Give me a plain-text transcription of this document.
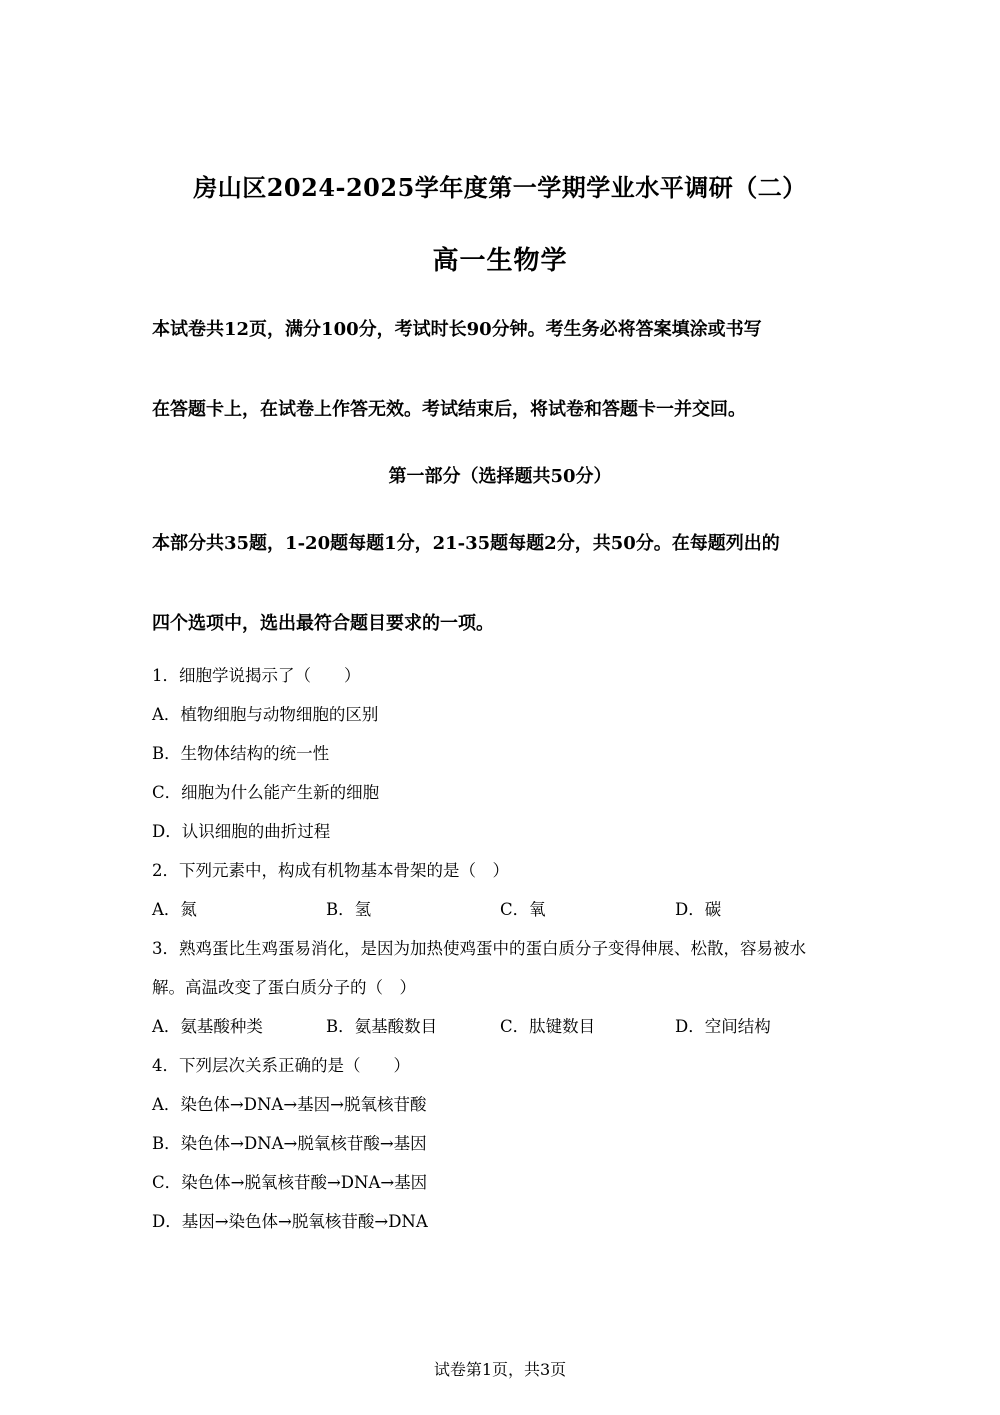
房山区2024-2025学年度第一学期学业水平调研（二）
高一生物学
本试卷共12页，满分100分，考试时长90分钟。考生务必将答案填涂或书写
在答题卡上，在试卷上作答无效。考试结束后，将试卷和答题卡一并交回。
第一部分（选择题共50分）
本部分共35题，1-20题每题1分，21-35题每题2分，共50分。在每题列出的
四个选项中，选出最符合题目要求的一项。
1．细胞学说揭示了（　　）
A．植物细胞与动物细胞的区别
B．生物体结构的统一性
C．细胞为什么能产生新的细胞
D．认识细胞的曲折过程
2．下列元素中，构成有机物基本骨架的是（　）
A．氮	B．氢	C．氧	D．碳
3．熟鸡蛋比生鸡蛋易消化，是因为加热使鸡蛋中的蛋白质分子变得伸展、松散，容易被水
解。高温改变了蛋白质分子的（　）
A．氨基酸种类	B．氨基酸数目	C．肽键数目	D．空间结构
4．下列层次关系正确的是（　　）
A．染色体→DNA→基因→脱氧核苷酸
B．染色体→DNA→脱氧核苷酸→基因
C．染色体→脱氧核苷酸→DNA→基因
D．基因→染色体→脱氧核苷酸→DNA
试卷第1页，共3页
